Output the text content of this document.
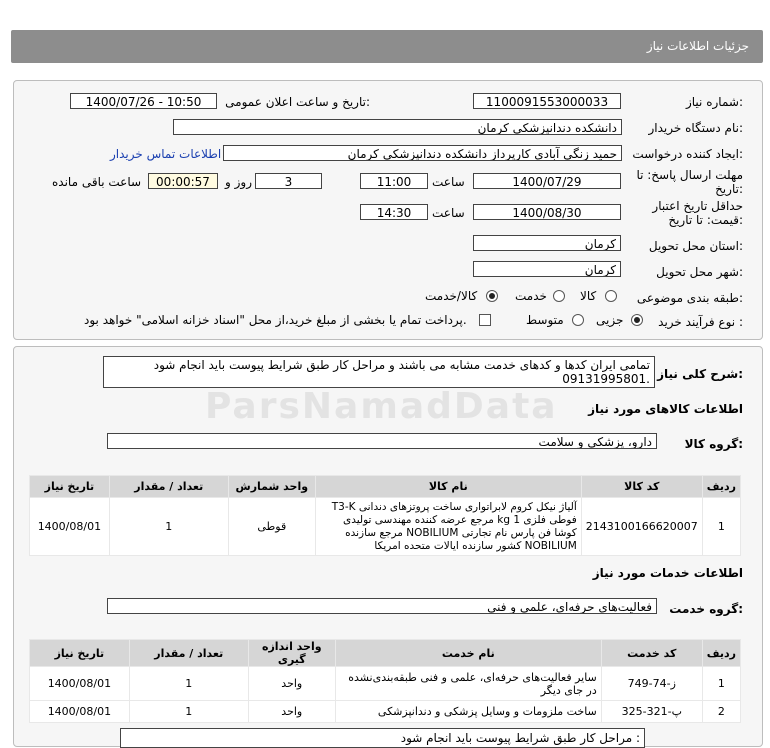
جزئیات اطلاعات نیاز
شماره نیاز:
1100091553000033
تاریخ و ساعت اعلان عمومی:
1400/07/26 - 10:50
نام دستگاه خریدار:
دانشکده دندانپزشکی کرمان
ایجاد کننده درخواست:
حمید زنگی آبادی کارپرداز دانشکده دندانپزشکی کرمان
اطلاعات تماس خریدار
مهلت ارسال پاسخ: تا
تاریخ:
1400/07/29
ساعت
11:00
3
روز و
00:00:57
ساعت باقی مانده
حداقل تاریخ اعتبار
قیمت: تا تاریخ:
1400/08/30
ساعت
14:30
استان محل تحویل:
کرمان
شهر محل تحویل:
کرمان
طبقه بندی موضوعی:
کالا
خدمت
کالا/خدمت
نوع فرآیند خرید :
جزیی
متوسط
پرداخت تمام یا بخشی از مبلغ خرید،از محل "اسناد خزانه اسلامی" خواهد بود.
شرح کلی نیاز:
تمامی ایران کدها و کدهای خدمت مشابه می باشند و مراحل کار طبق شرایط پیوست باید انجام شود
09131995801.
اطلاعات کالاهای مورد نیاز
گروه کالا:
دارو، پزشکی و سلامت
ردیف	کد کالا	نام کالا	واحد شمارش	تعداد / مقدار	تاریخ نیاز
1	2143100166620007	آلیاژ نیکل کروم لابراتواری ساخت پروتزهای دندانی T3-K فوطی فلزی 1 kg مرجع عرضه کننده مهندسی تولیدی کوشا فن پارس نام تجارتی NOBILIUM مرجع سازنده NOBILIUM کشور سازنده ایالات متحده امریکا	قوطی	1	1400/08/01
اطلاعات خدمات مورد نیاز
گروه خدمت:
فعالیت‌های حرفه‌ای، علمی و فنی
ردیف	کد خدمت	نام خدمت	واحد اندازه گیری	تعداد / مقدار	تاریخ نیاز
1	ز-74-749	سایر فعالیت‌های حرفه‌ای، علمی و فنی طبقه‌بندی‌نشده در جای دیگر	واحد	1	1400/08/01
2	پ-321-325	ساخت ملزومات و وسایل پزشکی و دندانپزشکی	واحد	1	1400/08/01
مراحل کار طبق شرایط پیوست باید انجام شود :
ParsNamadData
